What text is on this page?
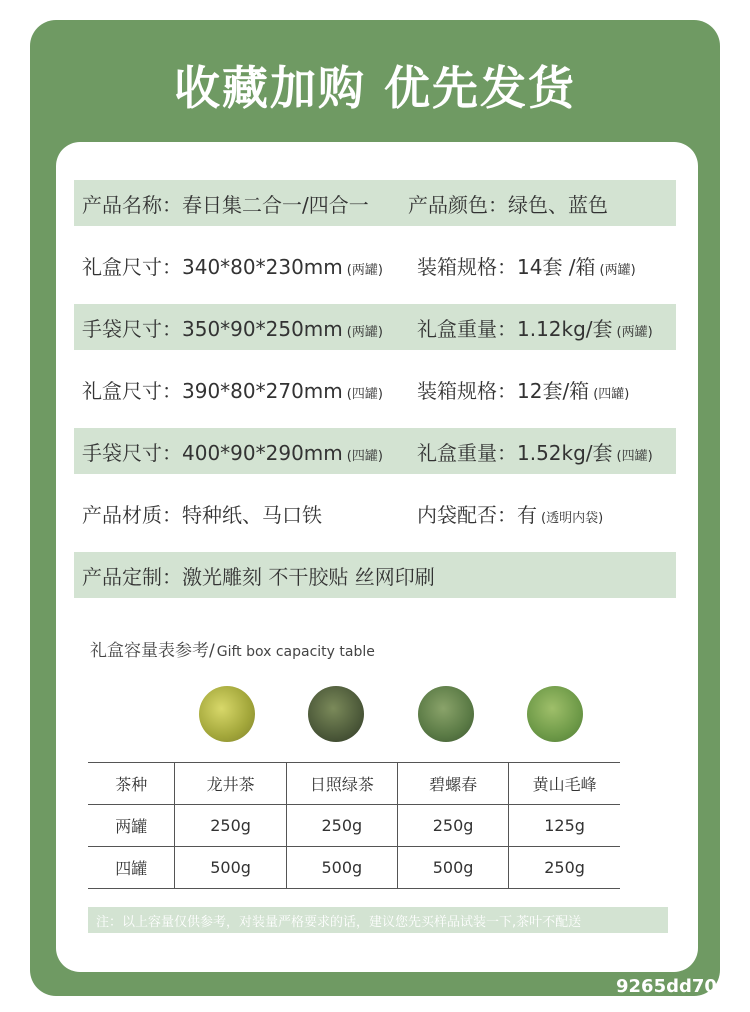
收藏加购 优先发货
产品名称：春日集二合一/四合一 产品颜色：绿色、蓝色
礼盒尺寸：340*80*230mm (两罐) 装箱规格：14套 /箱 (两罐)
手袋尺寸：350*90*250mm (两罐) 礼盒重量：1.12kg/套 (两罐)
礼盒尺寸：390*80*270mm (四罐) 装箱规格：12套/箱 (四罐)
手袋尺寸：400*90*290mm (四罐) 礼盒重量：1.52kg/套 (四罐)
产品材质：特种纸、马口铁	内袋配否：有 (透明内袋)
产品定制：激光雕刻 不干胶贴 丝网印刷
礼盒容量表参考/ Gift box capacity table
茶种	龙井茶	日照绿茶	碧螺春	黄山毛峰
两罐	250g	250g	250g	125g
四罐	500g	500g	500g	250g
注：以上容量仅供参考，对装量严格要求的话，建议您先买样品试装一下,茶叶不配送
9265dd70
